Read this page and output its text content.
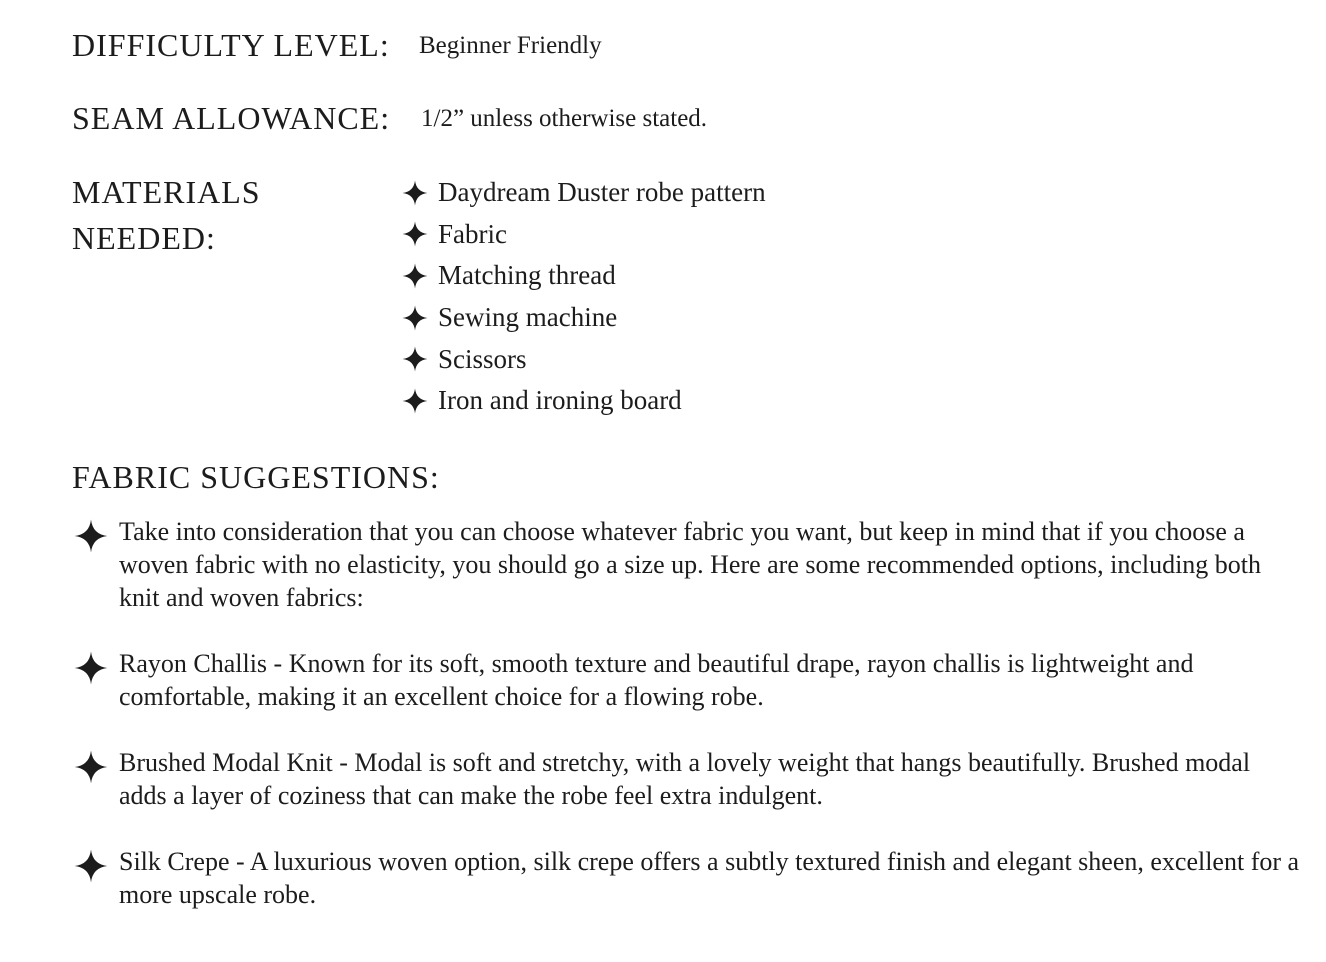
DIFFICULTY LEVEL: Beginner Friendly
SEAM ALLOWANCE: 1/2” unless otherwise stated.
MATERIALS
NEEDED:
Daydream Duster robe pattern
Fabric
Matching thread
Sewing machine
Scissors
Iron and ironing board
FABRIC SUGGESTIONS:
Take into consideration that you can choose whatever fabric you want, but keep in mind that if you choose a woven fabric with no elasticity, you should go a size up. Here are some recommended options, including both knit and woven fabrics:
Rayon Challis - Known for its soft, smooth texture and beautiful drape, rayon challis is lightweight and comfortable, making it an excellent choice for a flowing robe.
Brushed Modal Knit - Modal is soft and stretchy, with a lovely weight that hangs beautifully. Brushed modal adds a layer of coziness that can make the robe feel extra indulgent.
Silk Crepe - A luxurious woven option, silk crepe offers a subtly textured finish and elegant sheen, excellent for a more upscale robe.
